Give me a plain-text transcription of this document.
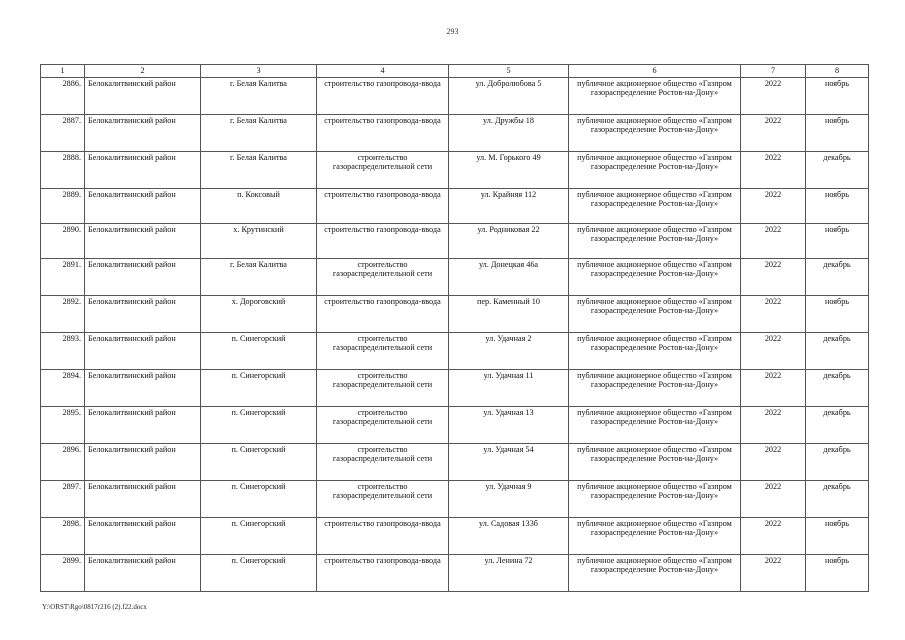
293
1	2	3	4	5	6	7	8
2886.	Белокалитвинский район	г. Белая Калитва	строительство газопровода-ввода	ул. Добролюбова 5	публичное акционерное общество «Газпром газораспределение Ростов-на-Дону»	2022	ноябрь
2887.	Белокалитвинский район	г. Белая Калитва	строительство газопровода-ввода	ул. Дружбы 18	публичное акционерное общество «Газпром газораспределение Ростов-на-Дону»	2022	ноябрь
2888.	Белокалитвинский район	г. Белая Калитва	строительство газораспределительной сети	ул. М. Горького 49	публичное акционерное общество «Газпром газораспределение Ростов-на-Дону»	2022	декабрь
2889.	Белокалитвинский район	п. Коксовый	строительство газопровода-ввода	ул. Крайняя 112	публичное акционерное общество «Газпром газораспределение Ростов-на-Дону»	2022	ноябрь
2890.	Белокалитвинский район	х. Крутинский	строительство газопровода-ввода	ул. Родниковая 22	публичное акционерное общество «Газпром газораспределение Ростов-на-Дону»	2022	ноябрь
2891.	Белокалитвинский район	г. Белая Калитва	строительство газораспределительной сети	ул. Донецкая 46а	публичное акционерное общество «Газпром газораспределение Ростов-на-Дону»	2022	декабрь
2892.	Белокалитвинский район	х. Дороговский	строительство газопровода-ввода	пер. Каменный 10	публичное акционерное общество «Газпром газораспределение Ростов-на-Дону»	2022	ноябрь
2893.	Белокалитвинский район	п. Синегорский	строительство газораспределительной сети	ул. Удачная 2	публичное акционерное общество «Газпром газораспределение Ростов-на-Дону»	2022	декабрь
2894.	Белокалитвинский район	п. Синегорский	строительство газораспределительной сети	ул. Удачная 11	публичное акционерное общество «Газпром газораспределение Ростов-на-Дону»	2022	декабрь
2895.	Белокалитвинский район	п. Синегорский	строительство газораспределительной сети	ул. Удачная 13	публичное акционерное общество «Газпром газораспределение Ростов-на-Дону»	2022	декабрь
2896.	Белокалитвинский район	п. Синегорский	строительство газораспределительной сети	ул. Удачная 54	публичное акционерное общество «Газпром газораспределение Ростов-на-Дону»	2022	декабрь
2897.	Белокалитвинский район	п. Синегорский	строительство газораспределительной сети	ул. Удачная 9	публичное акционерное общество «Газпром газораспределение Ростов-на-Дону»	2022	декабрь
2898.	Белокалитвинский район	п. Синегорский	строительство газопровода-ввода	ул. Садовая 133б	публичное акционерное общество «Газпром газораспределение Ростов-на-Дону»	2022	ноябрь
2899.	Белокалитвинский район	п. Синегорский	строительство газопровода-ввода	ул. Ленина 72	публичное акционерное общество «Газпром газораспределение Ростов-на-Дону»	2022	ноябрь
Y:\ORST\Rgo\0817r216 (2).f22.docx
